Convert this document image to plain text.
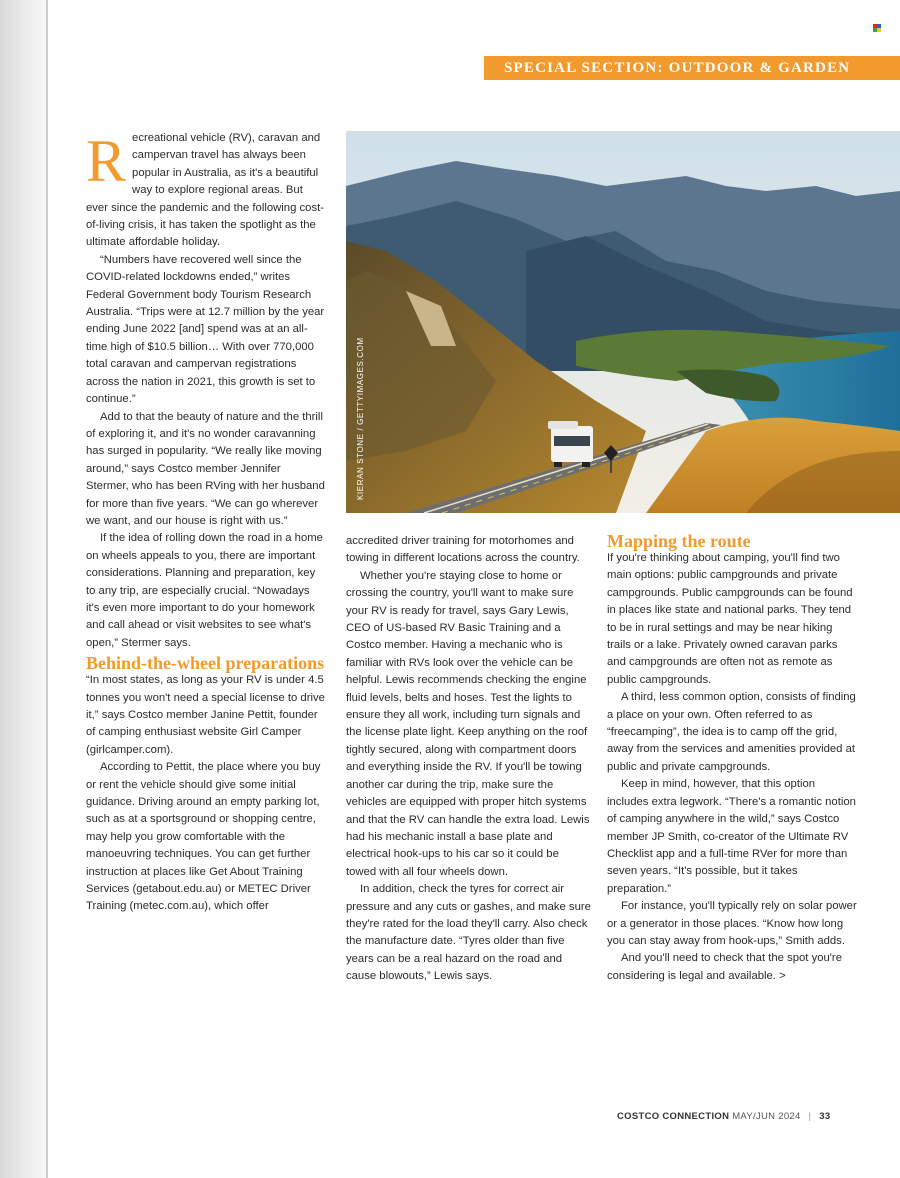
SPECIAL SECTION: OUTDOOR & GARDEN

Recreational vehicle (RV), caravan and campervan travel has always been popular in Australia, as it's a beautiful way to explore regional areas. But ever since the pandemic and the following cost-of-living crisis, it has taken the spotlight as the ultimate affordable holiday.

“Numbers have recovered well since the COVID-related lockdowns ended,” writes Federal Government body Tourism Research Australia. “Trips were at 12.7 million by the year ending June 2022 [and] spend was at an all-time high of $10.5 billion… With over 770,000 total caravan and campervan registrations across the nation in 2021, this growth is set to continue.”

Add to that the beauty of nature and the thrill of exploring it, and it's no wonder caravanning has surged in popularity. “We really like moving around,” says Costco member Jennifer Stermer, who has been RVing with her husband for more than five years. “We can go wherever we want, and our house is right with us.”

If the idea of rolling down the road in a home on wheels appeals to you, there are important considerations. Planning and preparation, key to any trip, are especially crucial. “Nowadays it's even more important to do your homework and call ahead or visit websites to see what's open,” Stermer says.

Behind-the-wheel preparations

“In most states, as long as your RV is under 4.5 tonnes you won't need a special license to drive it,” says Costco member Janine Pettit, founder of camping enthusiast website Girl Camper (girlcamper.com).

According to Pettit, the place where you buy or rent the vehicle should give some initial guidance. Driving around an empty parking lot, such as at a sportsground or shopping centre, may help you grow comfortable with the manoeuvring techniques. You can get further instruction at places like Get About Training Services (getabout.edu.au) or METEC Driver Training (metec.com.au), which offer

KIERAN STONE / GETTYIMAGES.COM

accredited driver training for motorhomes and towing in different locations across the country.

Whether you're staying close to home or crossing the country, you'll want to make sure your RV is ready for travel, says Gary Lewis, CEO of US-based RV Basic Training and a Costco member. Having a mechanic who is familiar with RVs look over the vehicle can be helpful. Lewis recommends checking the engine fluid levels, belts and hoses. Test the lights to ensure they all work, including turn signals and the license plate light. Keep anything on the roof tightly secured, along with compartment doors and everything inside the RV. If you'll be towing another car during the trip, make sure the vehicles are equipped with proper hitch systems and that the RV can handle the extra load. Lewis had his mechanic install a base plate and electrical hook-ups to his car so it could be towed with all four wheels down.

In addition, check the tyres for correct air pressure and any cuts or gashes, and make sure they're rated for the load they'll carry. Also check the manufacture date. “Tyres older than five years can be a real hazard on the road and cause blowouts,” Lewis says.

Mapping the route

If you're thinking about camping, you'll find two main options: public campgrounds and private campgrounds. Public campgrounds can be found in places like state and national parks. They tend to be in rural settings and may be near hiking trails or a lake. Privately owned caravan parks and campgrounds are often not as remote as public campgrounds.

A third, less common option, consists of finding a place on your own. Often referred to as “freecamping”, the idea is to camp off the grid, away from the services and amenities provided at public and private campgrounds.

Keep in mind, however, that this option includes extra legwork. “There's a romantic notion of camping anywhere in the wild,” says Costco member JP Smith, co-creator of the Ultimate RV Checklist app and a full-time RVer for more than seven years. “It's possible, but it takes preparation.”

For instance, you'll typically rely on solar power or a generator in those places. “Know how long you can stay away from hook-ups,” Smith adds.

And you'll need to check that the spot you're considering is legal and available. >

COSTCO CONNECTION MAY/JUN 2024 | 33
